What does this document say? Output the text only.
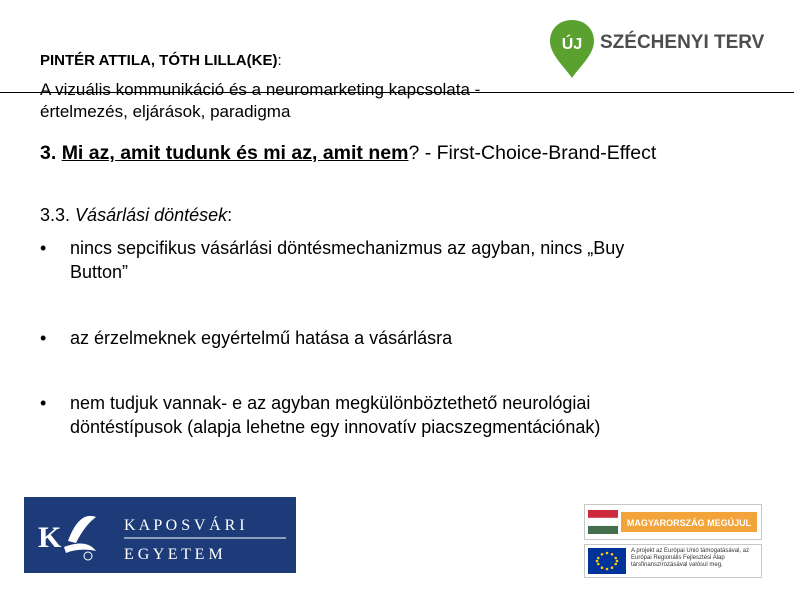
ÚJ SZÉCHENYI TERV
PINTÉR ATTILA, TÓTH LILLA(KE):
A vizuális kommunikáció és a neuromarketing kapcsolata -
értelmezés, eljárások, paradigma
3. Mi az, amit tudunk és mi az, amit nem? - First-Choice-Brand-Effect
3.3. Vásárlási döntések:
• nincs sepcifikus vásárlási döntésmechanizmus az agyban, nincs „Buy
Button”
• az érzelmeknek egyértelmű hatása a vásárlásra
• nem tudjuk vannak- e az agyban megkülönböztethető neurológiai
döntéstípusok (alapja lehetne egy innovatív piacszegmentációnak)
K	K A P O S V Á R I
E G Y E T E M
MAGYARORSZÁG MEGÚJUL
A projekt az Európai Unió támogatásával, az Európai Regionális Fejlesztési Alap társfinanszírozásával valósul meg.
